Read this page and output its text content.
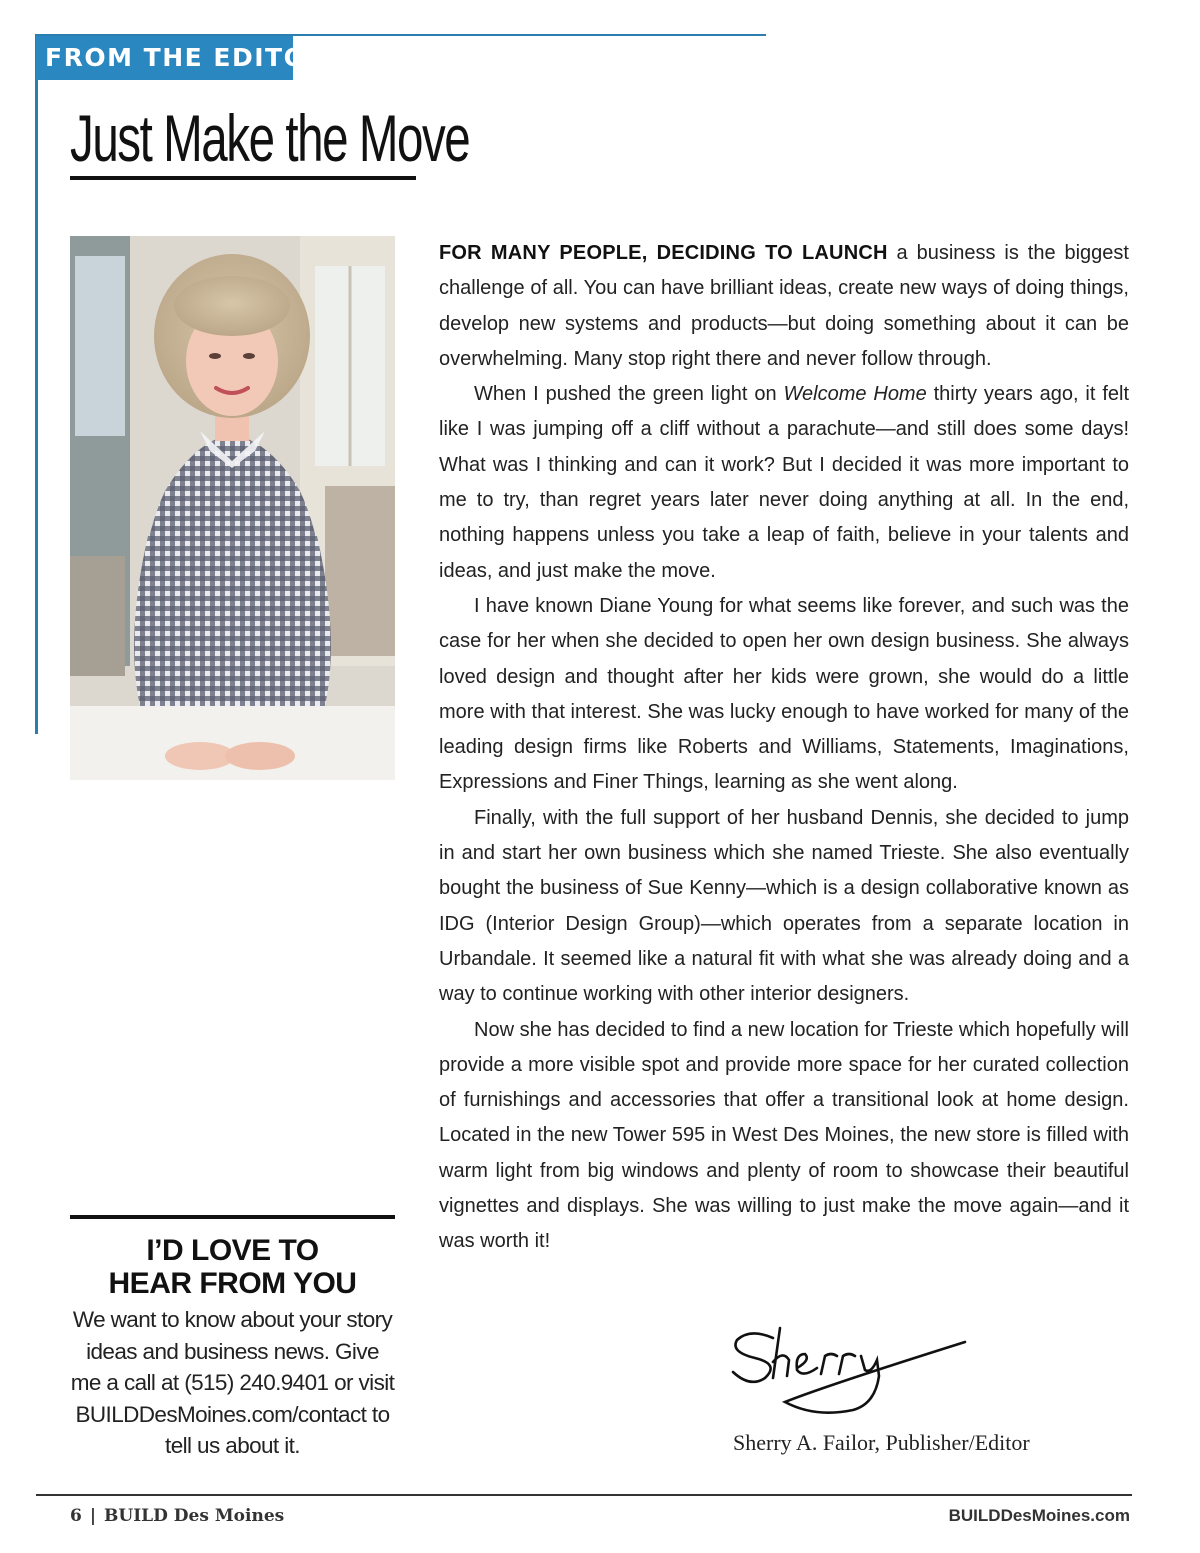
FROM THE EDITOR
Just Make the Move

FOR MANY PEOPLE, DECIDING TO LAUNCH a business is the biggest challenge of all. You can have brilliant ideas, create new ways of doing things, develop new systems and products—but doing something about it can be overwhelming. Many stop right there and never follow through.

When I pushed the green light on Welcome Home thirty years ago, it felt like I was jumping off a cliff without a parachute—and still does some days! What was I thinking and can it work? But I decided it was more important to me to try, than regret years later never doing anything at all. In the end, nothing happens unless you take a leap of faith, believe in your talents and ideas, and just make the move.

I have known Diane Young for what seems like forever, and such was the case for her when she decided to open her own design business. She always loved design and thought after her kids were grown, she would do a little more with that interest. She was lucky enough to have worked for many of the leading design firms like Roberts and Williams, Statements, Imaginations, Expressions and Finer Things, learning as she went along.

Finally, with the full support of her husband Dennis, she decided to jump in and start her own business which she named Trieste. She also eventually bought the business of Sue Kenny—which is a design collaborative known as IDG (Interior Design Group)—which operates from a separate location in Urbandale. It seemed like a natural fit with what she was already doing and a way to continue working with other interior designers.

Now she has decided to find a new location for Trieste which hopefully will provide a more visible spot and provide more space for her curated collection of furnishings and accessories that offer a transitional look at home design. Located in the new Tower 595 in West Des Moines, the new store is filled with warm light from big windows and plenty of room to showcase their beautiful vignettes and displays. She was willing to just make the move again—and it was worth it!

I’D LOVE TO
HEAR FROM YOU

We want to know about your story ideas and business news. Give me a call at (515) 240.9401 or visit BUILDDesMoines.com/contact to tell us about it.	Sherry A. Failor, Publisher/Editor
6 | BUILD Des Moines	BUILDDesMoines.com
